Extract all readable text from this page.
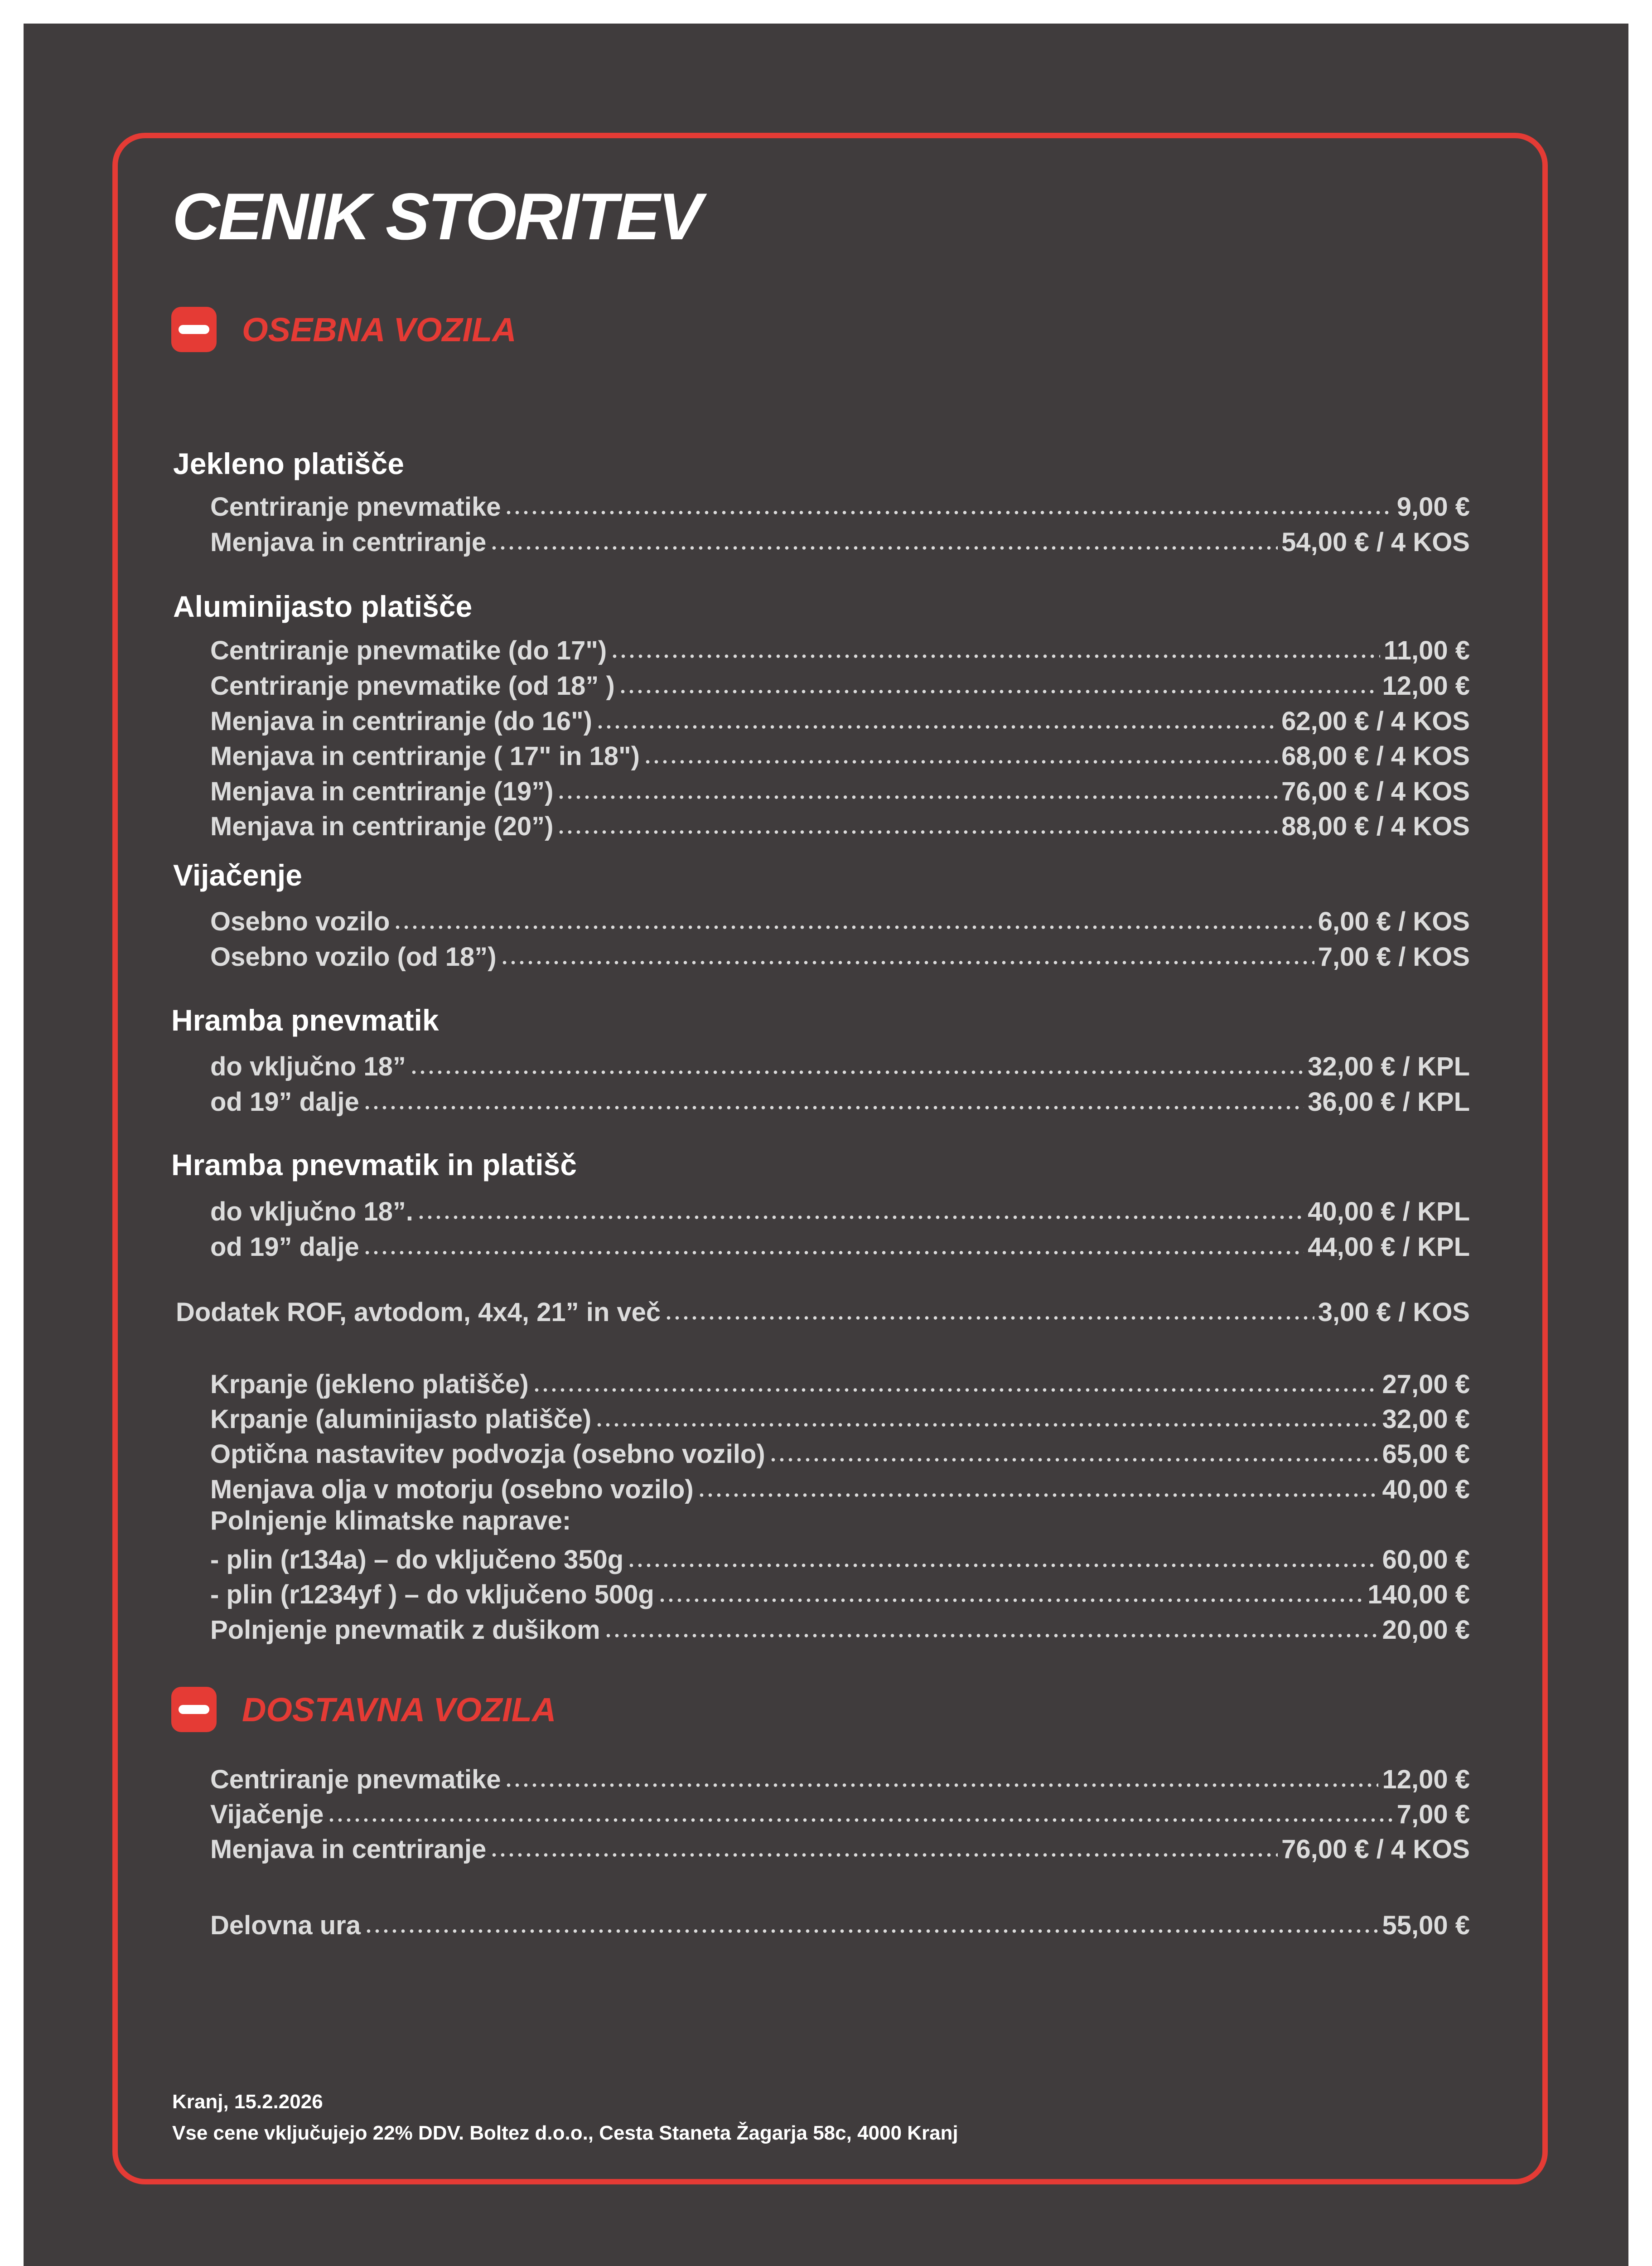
CENIK STORITEV
OSEBNA VOZILA
Jekleno platišče
Centriranje pnevmatike	9,00 €
Menjava in centriranje	54,00 € / 4 KOS
Aluminijasto platišče
Centriranje pnevmatike (do 17")	11,00 €
Centriranje pnevmatike (od 18” )	12,00 €
Menjava in centriranje (do 16")	62,00 € / 4 KOS
Menjava in centriranje ( 17" in 18")	68,00 € / 4 KOS
Menjava in centriranje (19”)	76,00 € / 4 KOS
Menjava in centriranje (20”)	88,00 € / 4 KOS
Vijačenje
Osebno vozilo	6,00 € / KOS
Osebno vozilo (od 18”)	7,00 € / KOS
Hramba pnevmatik
do vključno 18”	32,00 € / KPL
od 19” dalje	36,00 € / KPL
Hramba pnevmatik in platišč
do vključno 18”.	40,00 € / KPL
od 19” dalje	44,00 € / KPL
Dodatek ROF, avtodom, 4x4, 21” in več	3,00 € / KOS
Krpanje (jekleno platišče)	27,00 €
Krpanje (aluminijasto platišče)	32,00 €
Optična nastavitev podvozja (osebno vozilo)	65,00 €
Menjava olja v motorju (osebno vozilo)	40,00 €
Polnjenje klimatske naprave:
- plin (r134a) – do vključeno 350g	60,00 €
- plin (r1234yf ) – do vključeno 500g	140,00 €
Polnjenje pnevmatik z dušikom	20,00 €
DOSTAVNA VOZILA
Centriranje pnevmatike	12,00 €
Vijačenje	7,00 €
Menjava in centriranje	76,00 € / 4 KOS
Delovna ura	55,00 €
Kranj, 15.2.2026
Vse cene vključujejo 22% DDV. Boltez d.o.o., Cesta Staneta Žagarja 58c, 4000 Kranj
